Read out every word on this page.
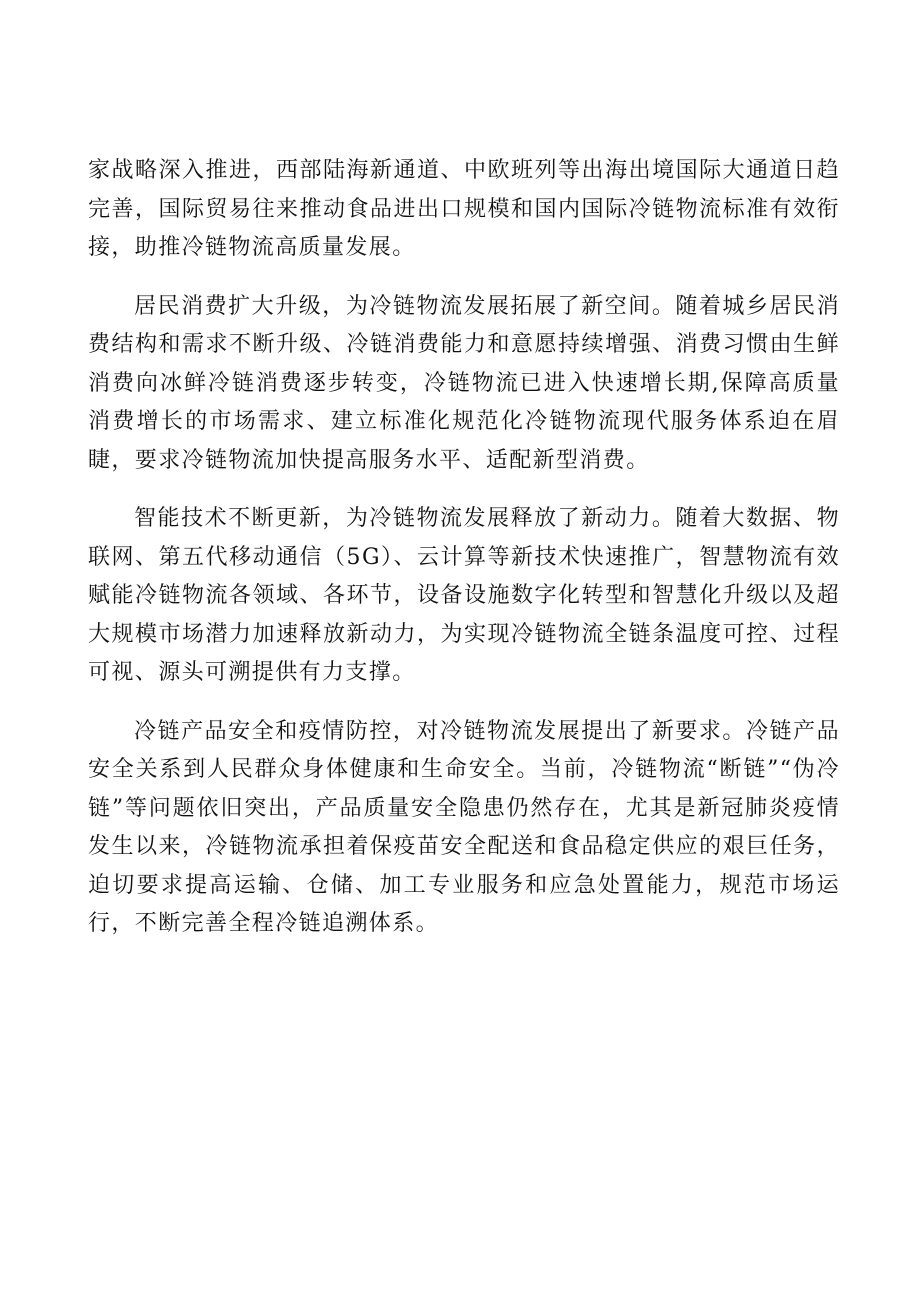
家战略深入推进，西部陆海新通道、中欧班列等出海出境国际大通道日趋完善，国际贸易往来推动食品进出口规模和国内国际冷链物流标准有效衔接，助推冷链物流高质量发展。

居民消费扩大升级，为冷链物流发展拓展了新空间。随着城乡居民消费结构和需求不断升级、冷链消费能力和意愿持续增强、消费习惯由生鲜消费向冰鲜冷链消费逐步转变，冷链物流已进入快速增长期,保障高质量消费增长的市场需求、建立标准化规范化冷链物流现代服务体系迫在眉睫，要求冷链物流加快提高服务水平、适配新型消费。

智能技术不断更新，为冷链物流发展释放了新动力。随着大数据、物联网、第五代移动通信（5G）、云计算等新技术快速推广，智慧物流有效赋能冷链物流各领域、各环节，设备设施数字化转型和智慧化升级以及超大规模市场潜力加速释放新动力，为实现冷链物流全链条温度可控、过程可视、源头可溯提供有力支撑。

冷链产品安全和疫情防控，对冷链物流发展提出了新要求。冷链产品安全关系到人民群众身体健康和生命安全。当前，冷链物流“断链”“伪冷链”等问题依旧突出，产品质量安全隐患仍然存在，尤其是新冠肺炎疫情发生以来，冷链物流承担着保疫苗安全配送和食品稳定供应的艰巨任务，迫切要求提高运输、仓储、加工专业服务和应急处置能力，规范市场运行，不断完善全程冷链追溯体系。
